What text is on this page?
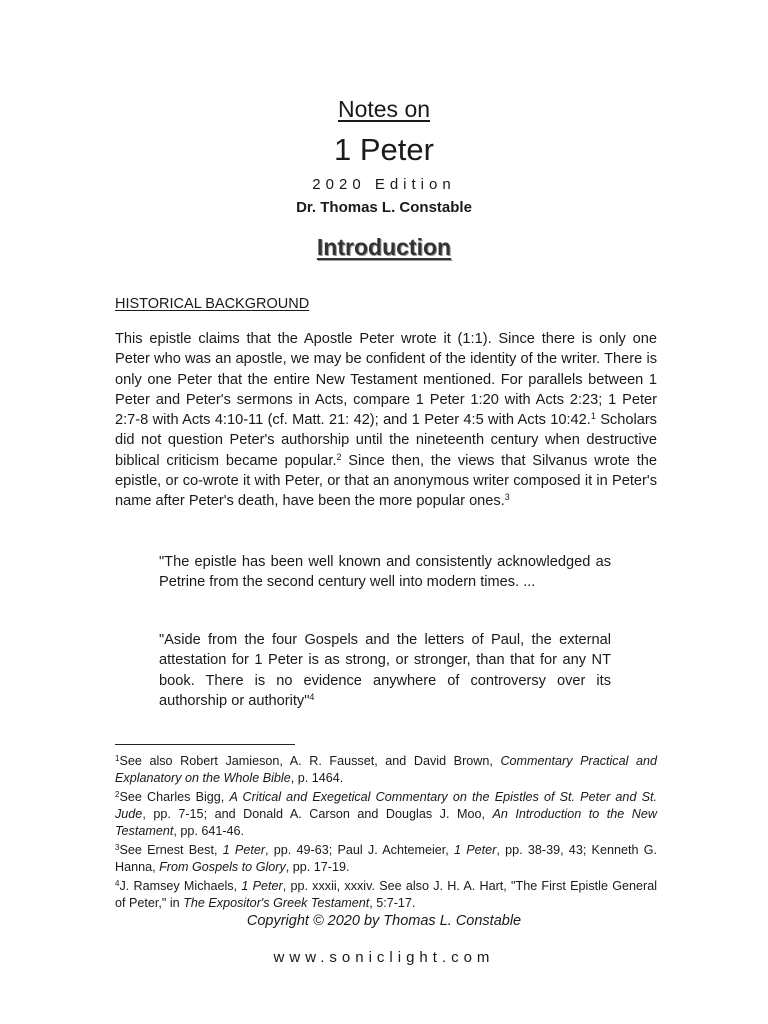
Notes on
1 Peter
2020 Edition
Dr. Thomas L. Constable
Introduction
HISTORICAL BACKGROUND

This epistle claims that the Apostle Peter wrote it (1:1). Since there is only one Peter who was an apostle, we may be confident of the identity of the writer. There is only one Peter that the entire New Testament mentioned. For parallels between 1 Peter and Peter's sermons in Acts, compare 1 Peter 1:20 with Acts 2:23; 1 Peter 2:7-8 with Acts 4:10-11 (cf. Matt. 21: 42); and 1 Peter 4:5 with Acts 10:42.$^1$ Scholars did not question Peter's authorship until the nineteenth century when destructive biblical criticism became popular.$^2$ Since then, the views that Silvanus wrote the epistle, or co-wrote it with Peter, or that an anonymous writer composed it in Peter's name after Peter's death, have been the more popular ones.$^3$

"The epistle has been well known and consistently acknowledged as Petrine from the second century well into modern times. ...

"Aside from the four Gospels and the letters of Paul, the external attestation for 1 Peter is as strong, or stronger, than that for any NT book. There is no evidence anywhere of controversy over its authorship or authority"$^4$

$^1$See also Robert Jamieson, A. R. Fausset, and David Brown, Commentary Practical and Explanatory on the Whole Bible, p. 1464.

$^2$See Charles Bigg, A Critical and Exegetical Commentary on the Epistles of St. Peter and St. Jude, pp. 7-15; and Donald A. Carson and Douglas J. Moo, An Introduction to the New Testament, pp. 641-46.

$^3$See Ernest Best, 1 Peter, pp. 49-63; Paul J. Achtemeier, 1 Peter, pp. 38-39, 43; Kenneth G. Hanna, From Gospels to Glory, pp. 17-19.

$^4$J. Ramsey Michaels, 1 Peter, pp. xxxii, xxxiv. See also J. H. A. Hart, "The First Epistle General of Peter," in The Expositor's Greek Testament, 5:7-17.

Copyright © 2020 by Thomas L. Constable
www.soniclight.com
